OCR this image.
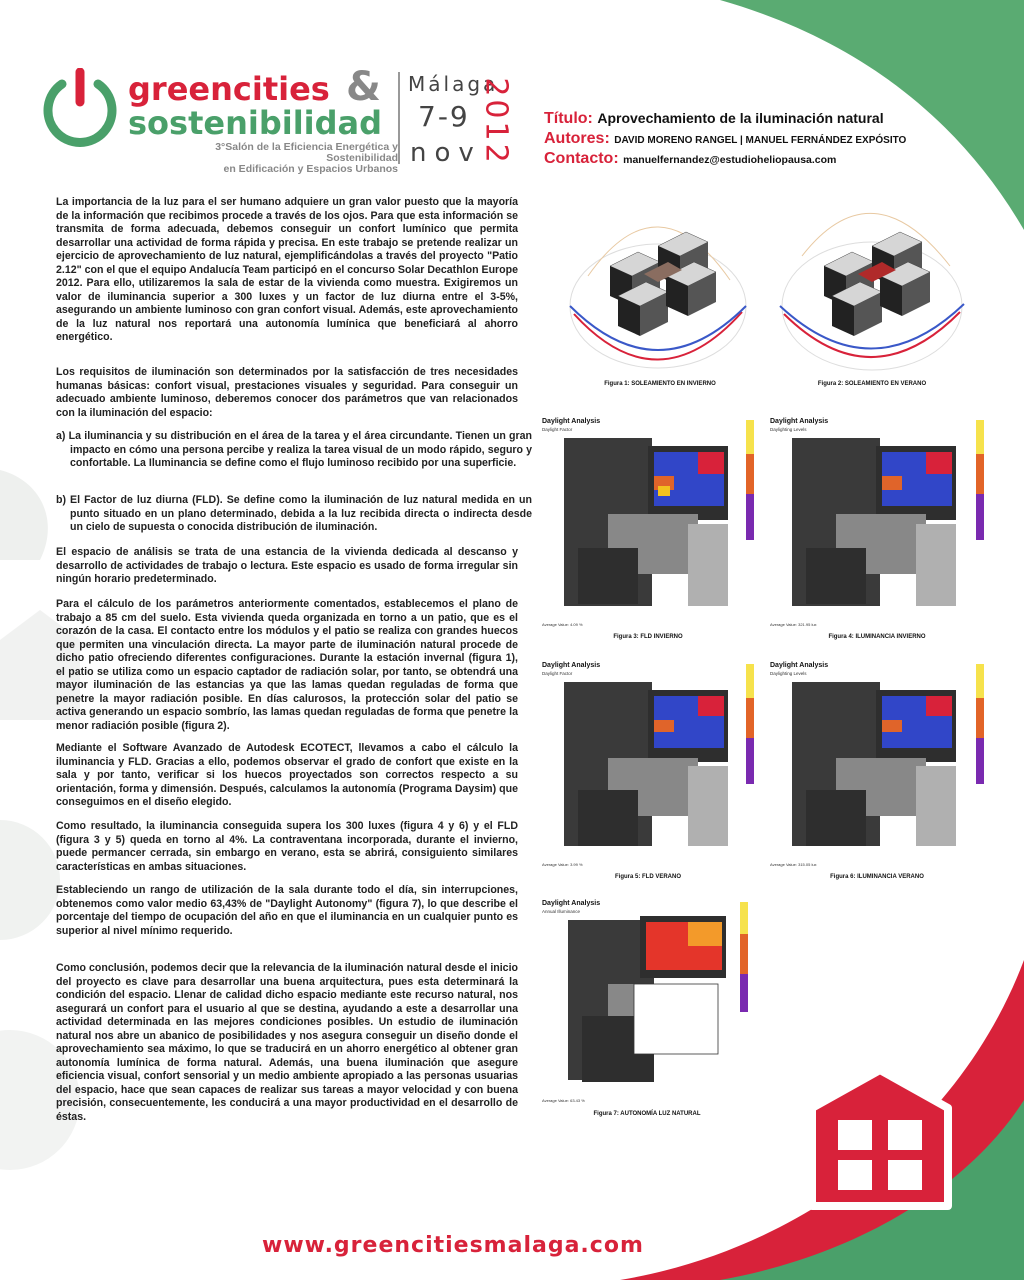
greencities &
sostenibilidad
3°Salón de la Eficiencia Energética y Sostenibilidad
en Edificación y Espacios Urbanos
Málaga
7-9
nov
2012 Título: Aprovechamiento de la iluminación natural
Autores: DAVID MORENO RANGEL | MANUEL FERNÁNDEZ EXPÓSITO
Contacto: manuelfernandez@estudioheliopausa.com

La importancia de la luz para el ser humano adquiere un gran valor puesto que la mayoría de la información que recibimos procede a través de los ojos. Para que esta información se transmita de forma adecuada, debemos conseguir un confort lumínico que permita desarrollar una actividad de forma rápida y precisa. En este trabajo se pretende realizar un ejercicio de aprovechamiento de luz natural, ejemplificándolas a través del proyecto "Patio 2.12" con el que el equipo Andalucía Team participó en el concurso Solar Decathlon Europe 2012. Para ello, utilizaremos la sala de estar de la vivienda como muestra. Exigiremos un valor de iluminancia superior a 300 luxes y un factor de luz diurna entre el 3-5%, asegurando un ambiente luminoso con gran confort visual. Además, este aprovechamiento de la luz natural nos reportará una autonomía lumínica que beneficiará al ahorro energético.

Los requisitos de iluminación son determinados por la satisfacción de tres necesidades humanas básicas: confort visual, prestaciones visuales y seguridad. Para conseguir un adecuado ambiente luminoso, deberemos conocer dos parámetros que van relacionados con la iluminación del espacio:

a) La iluminancia y su distribución en el área de la tarea y el área circundante. Tienen un gran impacto en cómo una persona percibe y realiza la tarea visual de un modo rápido, seguro y confortable. La Iluminancia se define como el flujo luminoso recibido por una superficie.

b) El Factor de luz diurna (FLD). Se define como la iluminación de luz natural medida en un punto situado en un plano determinado, debida a la luz recibida directa o indirecta desde un cielo de supuesta o conocida distribución de iluminación.

El espacio de análisis se trata de una estancia de la vivienda dedicada al descanso y desarrollo de actividades de trabajo o lectura. Este espacio es usado de forma irregular sin ningún horario predeterminado.

Para el cálculo de los parámetros anteriormente comentados, establecemos el plano de trabajo a 85 cm del suelo. Esta vivienda queda organizada en torno a un patio, que es el corazón de la casa. El contacto entre los módulos y el patio se realiza con grandes huecos que permiten una vinculación directa. La mayor parte de iluminación natural procede de dicho patio ofreciendo diferentes configuraciones. Durante la estación invernal (figura 1), el patio se utiliza como un espacio captador de radiación solar, por tanto, se obtendrá una mayor iluminación de las estancias ya que las lamas quedan reguladas de forma que penetre la mayor radiación posible. En días calurosos, la protección solar del patio se activa generando un espacio sombrío, las lamas quedan reguladas de forma que penetre la menor radiación posible (figura 2).

Mediante el Software Avanzado de Autodesk ECOTECT, llevamos a cabo el cálculo la iluminancia y FLD. Gracias a ello, podemos observar el grado de confort que existe en la sala y por tanto, verificar si los huecos proyectados son correctos respecto a su orientación, forma y dimensión. Después, calculamos la autonomía (Programa Daysim) que conseguimos en el diseño elegido.

Como resultado, la iluminancia conseguida supera los 300 luxes (figura 4 y 6) y el FLD (figura 3 y 5) queda en torno al 4%. La contraventana incorporada, durante el invierno, puede permancer cerrada, sin embargo en verano, esta se abrirá, consiguiento similares características en ambas situaciones.

Estableciendo un rango de utilización de la sala durante todo el día, sin interrupciones, obtenemos como valor medio 63,43% de "Daylight Autonomy" (figura 7), lo que describe el porcentaje del tiempo de ocupación del año en que el iluminancia en un cualquier punto es superior al nivel mínimo requerido.

Como conclusión, podemos decir que la relevancia de la iluminación natural desde el inicio del proyecto es clave para desarrollar una buena arquitectura, pues esta determinará la condición del espacio. Llenar de calidad dicho espacio mediante este recurso natural, nos asegurará un confort para el usuario al que se destina, ayudando a este a desarrollar una actividad determinada en las mejores condiciones posibles. Un estudio de iluminación natural nos abre un abanico de posibilidades y nos asegura conseguir un diseño donde el aprovechamiento sea máximo, lo que se traducirá en un ahorro energético al obtener gran autonomía lumínica de forma natural. Además, una buena iluminación que asegure eficiencia visual, confort sensorial y un medio ambiente apropiado a las personas usuarias del espacio, hace que sean capaces de realizar sus tareas a mayor velocidad y con buena precisión, consecuentemente, les conducirá a una mayor productividad en el desarrollo de éstas.

Figura 1: SOLEAMIENTO EN INVIERNO	Figura 2: SOLEAMIENTO EN VERANO
Daylight Analysis
Daylight Factor
Average Value: 4.09 %
Figura 3: FLD INVIERNO
Daylight Analysis
Daylighting Levels
Average Value: 321.95 lux
Figura 4: ILUMINANCIA INVIERNO
Daylight Analysis
Daylight Factor
Average Value: 3.99 %
Figura 5: FLD VERANO
Daylight Analysis
Daylighting Levels
Average Value: 315.05 lux
Figura 6: ILUMINANCIA VERANO
Daylight Analysis
Annual Illuminance
Average Value: 63.43 %
Figura 7: AUTONOMÍA LUZ NATURAL
www.greencitiesmalaga.com
